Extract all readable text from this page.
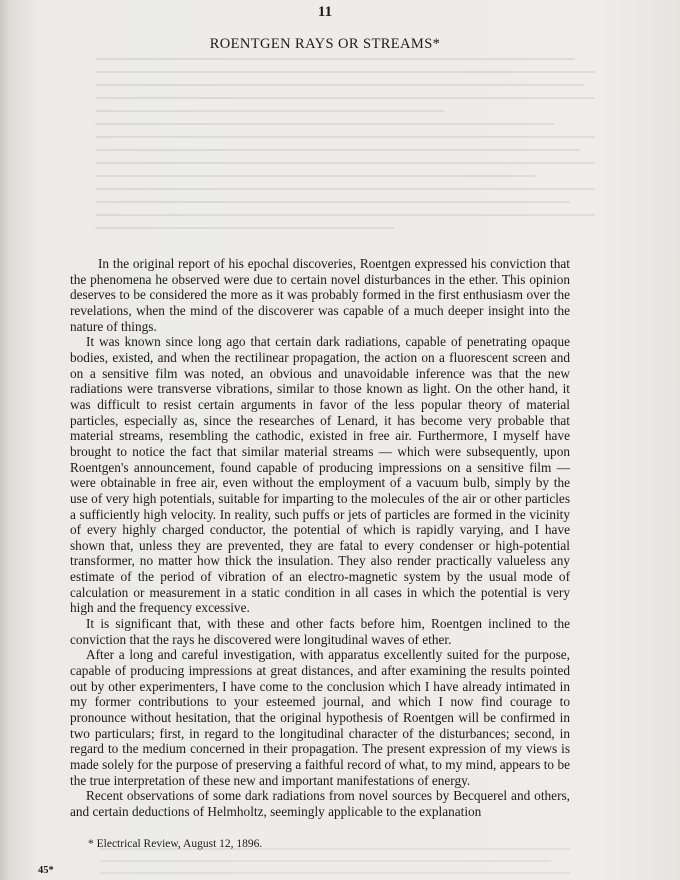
11
ROENTGEN RAYS OR STREAMS*

In the original report of his epochal discoveries, Roentgen expressed his conviction that the phenomena he observed were due to certain novel disturbances in the ether. This opinion deserves to be considered the more as it was probably formed in the first enthusiasm over the revelations, when the mind of the discoverer was capable of a much deeper insight into the nature of things.

It was known since long ago that certain dark radiations, capable of penetrating opaque bodies, existed, and when the rectilinear propagation, the action on a fluorescent screen and on a sensitive film was noted, an obvious and unavoidable inference was that the new radiations were transverse vibrations, similar to those known as light. On the other hand, it was difficult to resist certain arguments in favor of the less popular theory of material particles, especially as, since the researches of Lenard, it has become very probable that material streams, resembling the cathodic, existed in free air. Furthermore, I myself have brought to notice the fact that similar material streams — which were subsequently, upon Roentgen's announcement, found capable of producing impressions on a sensitive film — were obtainable in free air, even without the employment of a vacuum bulb, simply by the use of very high potentials, suitable for imparting to the molecules of the air or other particles a sufficiently high velocity. In reality, such puffs or jets of particles are formed in the vicinity of every highly charged conductor, the potential of which is rapidly varying, and I have shown that, unless they are prevented, they are fatal to every condenser or high-potential transformer, no matter how thick the insulation. They also render practically valueless any estimate of the period of vibration of an electro-magnetic system by the usual mode of calculation or measurement in a static condition in all cases in which the potential is very high and the frequency excessive.

It is significant that, with these and other facts before him, Roentgen inclined to the conviction that the rays he discovered were longitudinal waves of ether.

After a long and careful investigation, with apparatus excellently suited for the purpose, capable of producing impressions at great distances, and after examining the results pointed out by other experimenters, I have come to the conclusion which I have already intimated in my former contributions to your esteemed journal, and which I now find courage to pronounce without hesitation, that the original hypothesis of Roentgen will be confirmed in two particulars; first, in regard to the longitudinal character of the disturbances; second, in regard to the medium concerned in their propagation. The present expression of my views is made solely for the purpose of preserving a faithful record of what, to my mind, appears to be the true interpretation of these new and important manifestations of energy.

Recent observations of some dark radiations from novel sources by Becquerel and others, and certain deductions of Helmholtz, seemingly applicable to the explanation

* Electrical Review, August 12, 1896.
45*
